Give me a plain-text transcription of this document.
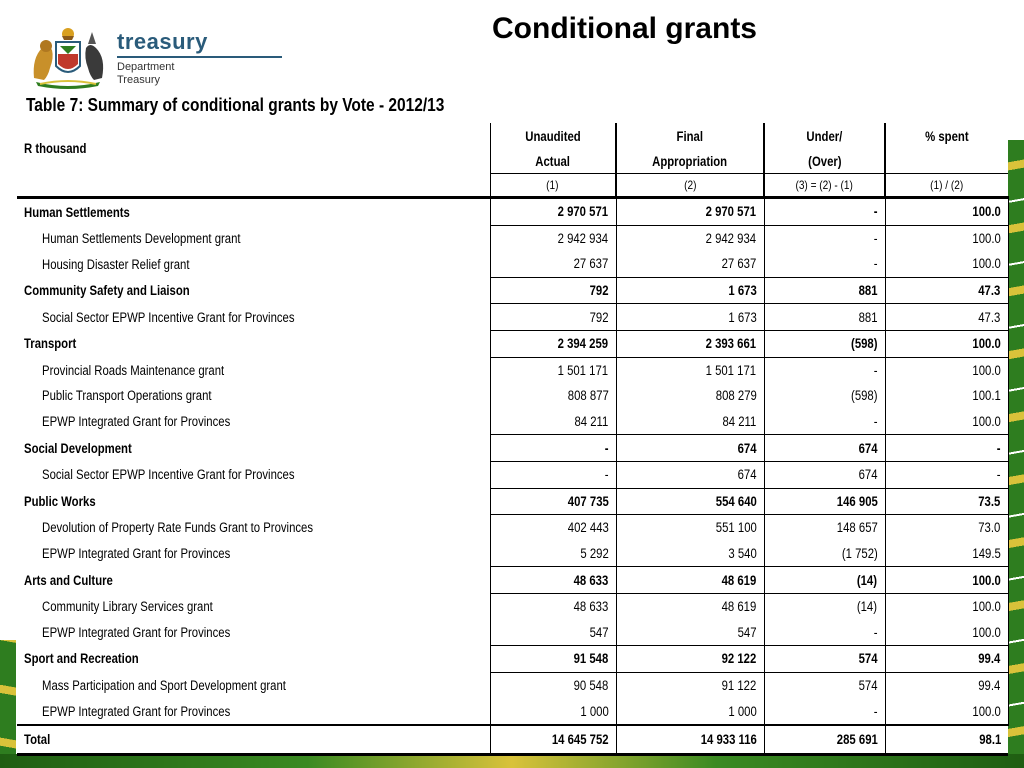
treasury
Department
Treasury
Conditional grants
Table 7: Summary of conditional grants by Vote - 2012/13
R thousand	Unaudited	Final	Under/	% spent
	Actual	Appropriation	(Over)	
	(1)	(2)	(3) = (2) - (1)	(1) / (2)
Human Settlements	2 970 571	2 970 571	-	100.0
Human Settlements Development grant	2 942 934	2 942 934	-	100.0
Housing Disaster Relief grant	27 637	27 637	-	100.0
Community Safety and Liaison	792	1 673	881	47.3
Social Sector EPWP Incentive Grant for Provinces	792	1 673	881	47.3
Transport	2 394 259	2 393 661	(598)	100.0
Provincial Roads Maintenance grant	1 501 171	1 501 171	-	100.0
Public Transport Operations grant	808 877	808 279	(598)	100.1
EPWP Integrated Grant for Provinces	84 211	84 211	-	100.0
Social Development	-	674	674	-
Social Sector EPWP Incentive Grant for Provinces	-	674	674	-
Public Works	407 735	554 640	146 905	73.5
Devolution of Property Rate Funds Grant to Provinces	402 443	551 100	148 657	73.0
EPWP Integrated Grant for Provinces	5 292	3 540	(1 752)	149.5
Arts and Culture	48 633	48 619	(14)	100.0
Community Library Services grant	48 633	48 619	(14)	100.0
EPWP Integrated Grant for Provinces	547	547	-	100.0
Sport and Recreation	91 548	92 122	574	99.4
Mass Participation and Sport Development grant	90 548	91 122	574	99.4
EPWP Integrated Grant for Provinces	1 000	1 000	-	100.0
Total	14 645 752	14 933 116	285 691	98.1
